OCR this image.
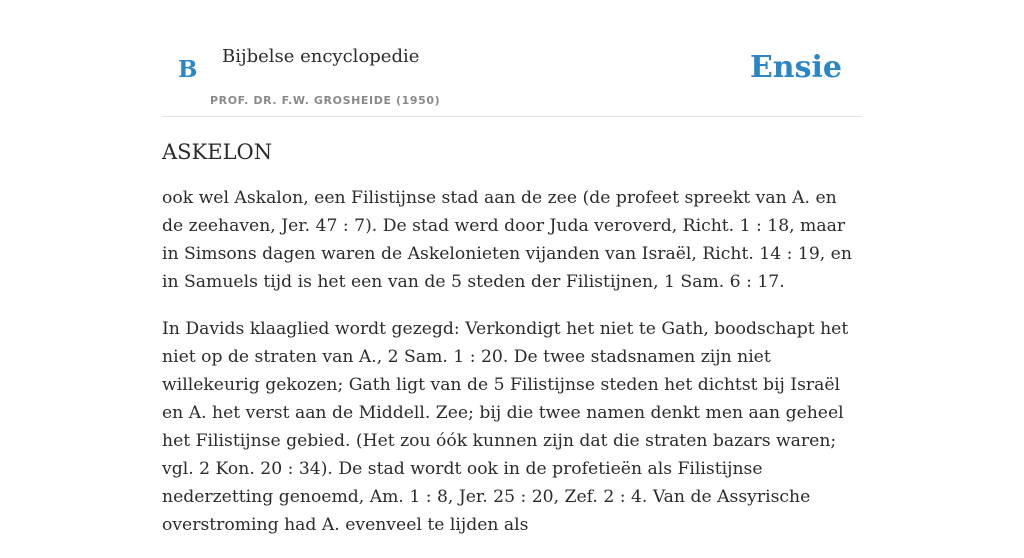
B Bijbelse encyclopedie
PROF. DR. F.W. GROSHEIDE (1950)
Ensie
ASKELON

ook wel Askalon, een Filistijnse stad aan de zee (de profeet spreekt van A. en de zeehaven, Jer. 47 : 7). De stad werd door Juda veroverd, Richt. 1 : 18, maar in Simsons dagen waren de Askelonieten vijanden van Israël, Richt. 14 : 19, en in Samuels tijd is het een van de 5 steden der Filistijnen, 1 Sam. 6 : 17.

In Davids klaaglied wordt gezegd: Verkondigt het niet te Gath, boodschapt het niet op de straten van A., 2 Sam. 1 : 20. De twee stadsnamen zijn niet willekeurig gekozen; Gath ligt van de 5 Filistijnse steden het dichtst bij Israël en A. het verst aan de Middell. Zee; bij die twee namen denkt men aan geheel het Filistijnse gebied. (Het zou óók kunnen zijn dat die straten bazars waren; vgl. 2 Kon. 20 : 34). De stad wordt ook in de profetieën als Filistijnse nederzetting genoemd, Am. 1 : 8, Jer. 25 : 20, Zef. 2 : 4. Van de Assyrische overstroming had A. evenveel te lijden als
